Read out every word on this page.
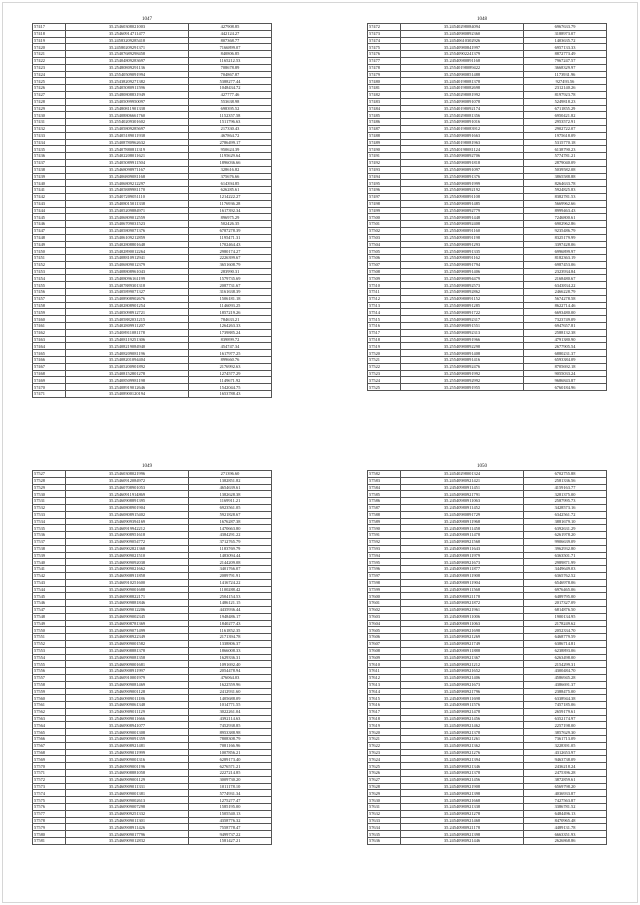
1047
57417	35.25460308021003	427908.85
57418	35.25460914711477	442124.27
57419	35.24583209285418	807368.77
57420	35.24580209291371	7166899.07
57421	35.25407689298458	840806.85
57422	35.25404809283697	1165212.53
57423	35.25480809291136	708678.89
57424	35.25540509091994	704867.87
57425	35.25438209271382	5388277.44
57426	35.25405080911596	1048434.72
57427	35.25480808831949	427777.46
57428	35.25405099950097	553638.98
57429	35.25480811901338	698395.52
57430	35.25408806661760	1152357.58
57431	35.25540209301602	1511796.63
57432	35.25405809285697	217330.43
57433	35.25405189011938	467864.72
57434	35.25408780962632	2786499.17
57435	35.25407880811319	950624.39
57436	35.25402208011621	1195629.64
57437	35.25405089911504	1896036.66
57438	35.25468098971167	328616.82
57439	35.25406809081168	375676.66
57440	35.25406809212297	614394.85
57441	35.25405889981170	626285.61
57442	35.25407209051110	1214222.27
57443	35.25408015011338	1176936.28
57444	35.25405209884971	1617392.34
57445	35.25406809012559	896975.29
57446	35.25406709031523	502426.35
57447	35.25405809071376	6787278.39
57448	35.25406109212859	1195471.31
57449	35.25402808801648	1702464.43
57450	35.25402890012264	2980174.27
57451	35.25408810912941	2226399.67
57452	35.25406809012379	3651608.79
57453	35.25408808961043	283990.31
57454	35.25408096161199	1579735.69
57455	35.25407889301318	2087731.67
57456	35.25405899071327	3161638.39
57457	35.25408908902676	1506181.18
57458	35.25402808901254	1146093.25
57459	35.25405098912721	1857219.26
57460	35.25405882031215	784633.21
57461	35.25402809911207	1264263.33
57462	35.25408911081178	1739885.24
57463	35.25408119251306	839899.72
57464	35.25408219084940	454747.34
57465	35.25408209081196	1617977.25
57466	35.25408201094404	899660.76
57467	35.25405200901892	2176992.63
57468	35.25408152801278	1274577.29
57469	35.25408509981198	1149671.92
57470	35.25408919012646	1542044.75
57471	35.25408900120194	1653788.43
1048
57472	35.24540298084094	6967633.79
57473	35.24540980892360	3188973.07
57474	35.24540610302926	1403635.72
57475	35.24540980841997	6957133.33
57476	35.25540902241379	8872773.49
57477	35.24540980891168	7967247.57
57478	35.25540198089422	3668329.97
57479	35.25540980851488	1173931.96
57480	35.24540198081378	927493.56
57481	35.24540198082698	2312140.26
57482	35.25540298081992	8197923.78
57483	35.25540980891078	5249818.23
57484	35.25540198092174	6711855.29
57485	35.25540298081356	6950421.82
57486	35.25540980891016	2953572.91
57487	35.25540198083912	2902722.07
57488	35.25540980891663	1975618.09
57489	35.25540198081963	5315770.18
57490	35.25540198081124	6138790.23
57491	35.25540980892706	5774781.21
57492	35.25540980891818	2879040.09
57493	35.25540980891097	5039582.08
57494	35.25540980891376	3865588.88
57495	35.25540980891999	8264633.78
57496	35.25540980892192	5924825.83
57497	35.25540980891108	8382781.53
57498	35.25540980891485	5669962.66
57499	35.25540980892779	8999463.43
57500	35.25540980891448	7246800.61
57501	35.25540980892408	6902962.86
57502	35.25540980891160	9235486.79
57503	35.25540980891198	8325179.99
57504	35.25540980891293	3397428.06
57505	35.25540980891335	6996899.97
57506	35.25540980891162	8182363.19
57507	35.25540980891794	6987453.06
57508	35.25540980891406	2323934.84
57509	35.25540980894479	2168480.67
57510	35.25540980892573	6343834.22
57511	35.25540980892862	2466228.79
57512	35.25540980891152	5674278.58
57513	35.25540980891285	8622714.46
57514	35.25540980891722	6693480.00
57515	35.25540980892317	7323749.09
57516	35.25540980891551	6947657.81
57517	35.25540980892313	2588132.38
57518	35.25540980891966	4791380.90
57519	35.25540980892298	2677905.54
57520	35.25540980891408	6880231.37
57521	35.25540980891416	6593384.09
57522	35.25540980892476	8705692.18
57523	35.25540980891992	9055033.24
57524	35.25540980892992	9686843.87
57525	35.25540980891955	6760184.96
1049
57527	35.25460308021996	271396.60
57528	35.25460912084972	1382851.82
57529	35.25460708901053	4654639.61
57530	35.25460911914869	1382628.38
57531	35.25460908891395	1169911.21
57532	35.25460808901904	6923561.05
57533	35.25460808915402	5921828.67
57534	35.25460909394169	1676287.38
57535	35.25460919942212	1470663.80
57536	35.25460908951618	4384291.22
57537	35.25460909054772	3712765.79
57538	35.25460902821368	1183769.79
57539	35.25460909021510	1483094.44
57540	35.25460909092038	2144209.08
57541	35.25460909021662	3401766.07
57542	35.25460908911858	2089791.91
57543	35.25460910251600	1416724.22
57544	35.25460909001688	1100288.42
57545	35.25460908822171	2504154.53
57546	35.25460909881846	1486121.15
57547	35.25460909012206	4435936.44
57548	35.25460909002345	1948486.17
57549	35.25460908781369	1840277.43
57550	35.25460909071499	1161852.35
57551	35.25460908922349	2171394.78
57552	35.25460909001582	1338806.37
57553	35.25460908881378	1866008.33
57554	35.25460909081358	1629336.31
57555	35.25460909001681	1091692.40
57556	35.25460908911997	2054478.94
57557	35.25460910001979	476064.03
57558	35.25460909081469	1622559.96
57559	35.25460909001128	2412931.60
57560	35.25460909011186	1405688.09
57561	35.25460909061348	1014771.55
57562	35.25460909011129	3022261.04
57563	35.25460909011666	4392114.63
57564	35.25460908941077	7452938.85
57565	35.25460909001308	8953388.98
57566	35.25460909091359	7808308.79
57567	35.25460908921481	7081166.96
57568	35.25460909011999	1007856.21
57569	35.25460909001316	6289173.40
57570	35.25460909001196	6276571.21
57571	35.25460908881058	2227214.85
57572	35.25460909001129	3009730.20
57573	35.25460909011331	1011178.10
57574	35.25460909001381	5774931.34
57575	35.25460909002613	1275277.47
57576	35.25460909007298	1585195.00
57577	35.25460909251332	1505540.13
57578	35.25460909011301	4358776.32
57579	35.25460908911426	7558778.47
57580	35.25460909017796	9499737.22
57581	35.25460909012832	1581427.21
1050
57582	35.24540298001324	6702755.88
57583	35.24540980921421	2581336.56
57584	35.24540980911451	4159163.77
57585	35.24540980921791	3281375.00
57586	35.24540980911063	2587995.73
57587	35.24540980911452	3428573.16
57588	35.24540980891729	6342561.72
57589	35.24540980911968	3881679.10
57590	35.24540980911458	6392631.29
57591	35.24540980911478	6261978.20
57592	35.24540980921568	9906639.09
57593	35.24540980911643	3962932.80
57594	35.24540980911979	6363501.71
57595	35.24540980921673	2989871.99
57596	35.24540980911877	3449649.03
57597	35.24540980911908	6365762.52
57598	35.24540980911904	6546978.06
57599	35.24540980911568	6976465.06
57600	35.24540980921178	6489795.00
57601	35.24540980921872	2017327.09
57602	35.24540980921961	6814876.50
57603	35.24540980911006	1900134.95
57604	35.24540980911063	2178249.62
57605	35.24540980921698	2052334.70
57606	35.24540980921269	6468779.59
57607	35.24540980921749	6386714.81
57608	35.24540980911888	6238893.06
57609	35.24540980921367	6263498.00
57610	35.24540980921212	2154299.31
57611	35.24540980921652	4300484.70
57612	35.24540980921406	4586945.28
57613	35.24540980921673	4386691.37
57614	35.24540980921796	2388475.00
57615	35.24540980911698	6338944.38
57616	35.24540980911576	7457185.06
57617	35.24540980921478	2659179.61
57618	35.24540980921456	6352174.97
57619	35.24540980921462	2257198.00
57620	35.24540980921378	3857629.30
57621	35.24540980921261	7361713.09
57622	35.24540980921362	3228391.05
57623	35.24540980921276	4312653.97
57624	35.24540980921394	9463738.09
57625	35.24540980921346	2436218.24
57626	35.24540980921378	2475396.28
57627	35.24540980921456	3872859.61
57628	35.24540980921908	6569798.20
57629	35.24540980921398	4036933.87
57630	35.24540980921668	7427563.87
57631	35.24540980921338	3386781.52
57632	35.24540980921278	6484496.13
57633	35.24540980921468	8470965.48
57634	35.24540980921178	4489131.78
57635	35.24540980921398	6663351.93
57636	35.24540980921446	2626868.86
